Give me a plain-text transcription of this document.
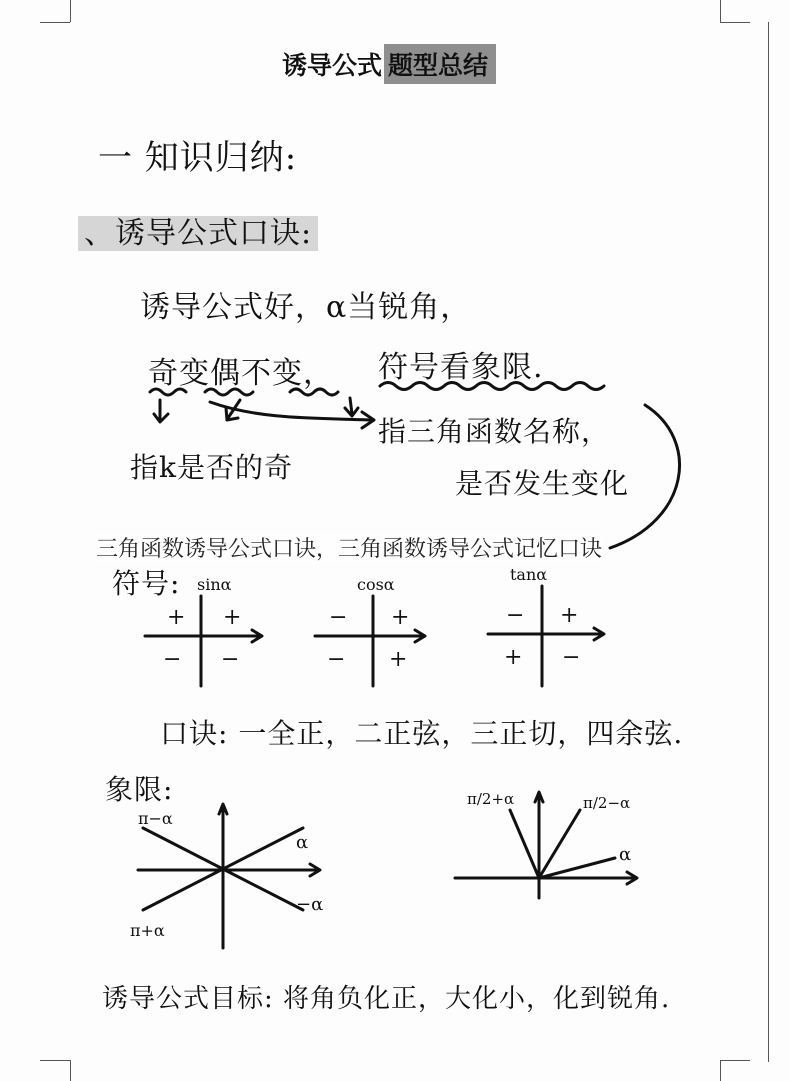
诱导公式 题型总结
一 知识归纳:
、诱导公式口诀:
诱导公式好，α当锐角，
奇变偶不变， 符号看象限.
指k是否的奇
指三角函数名称，
是否发生变化
三角函数诱导公式口诀，三角函数诱导公式记忆口诀
符号: sinα
+
+
− −
cosα
+
−
− +
tanα
+
−
+ −
口诀: 一全正，二正弦，三正切，四余弦.
象限:
α
π−α
π+α
−α
π/2+α	π/2−α
α
诱导公式目标: 将角负化正，大化小，化到锐角.
